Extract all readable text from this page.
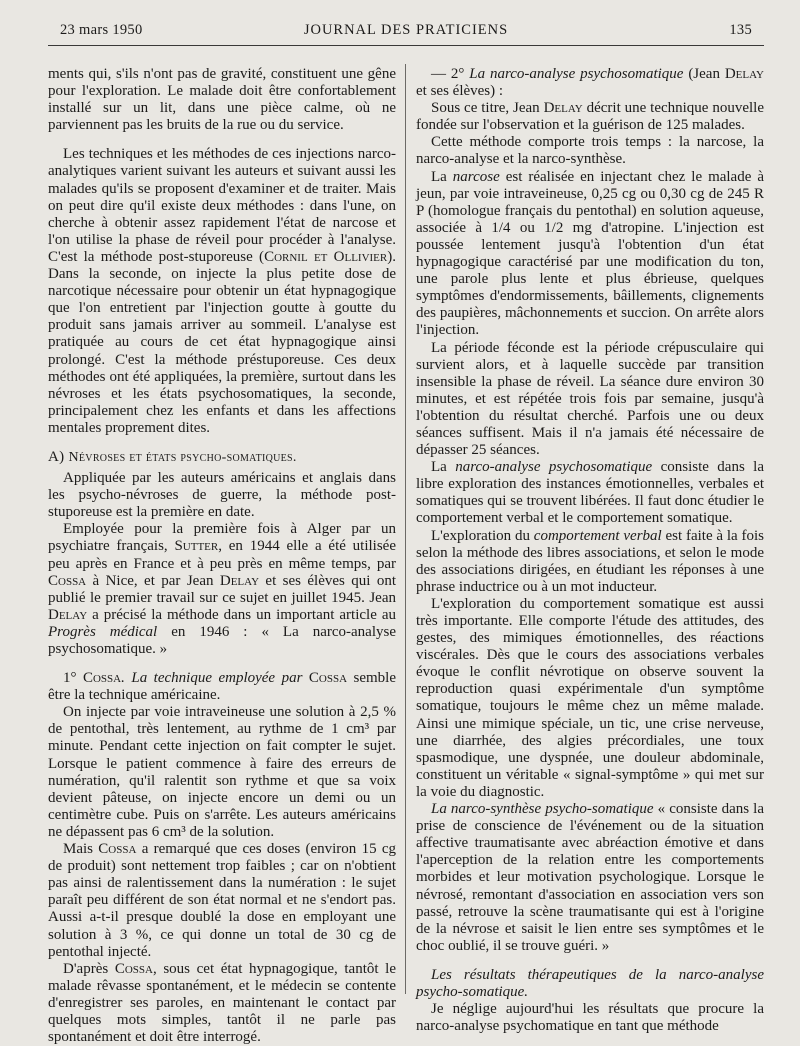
23 mars 1950	JOURNAL DES PRATICIENS	135

ments qui, s'ils n'ont pas de gravité, constituent une gêne pour l'exploration. Le malade doit être confortablement installé sur un lit, dans une pièce calme, où ne parviennent pas les bruits de la rue ou du service.

Les techniques et les méthodes de ces injections narco-analytiques varient suivant les auteurs et suivant aussi les malades qu'ils se proposent d'examiner et de traiter. Mais on peut dire qu'il existe deux méthodes : dans l'une, on cherche à obtenir assez rapidement l'état de narcose et l'on utilise la phase de réveil pour procéder à l'analyse. C'est la méthode post-stuporeuse (Cornil et Ollivier). Dans la seconde, on injecte la plus petite dose de narcotique nécessaire pour obtenir un état hypnagogique que l'on entretient par l'injection goutte à goutte du produit sans jamais arriver au sommeil. L'analyse est pratiquée au cours de cet état hypnagogique ainsi prolongé. C'est la méthode préstuporeuse. Ces deux méthodes ont été appliquées, la première, surtout dans les névroses et les états psychosomatiques, la seconde, principalement chez les enfants et dans les affections mentales proprement dites.

A) Névroses et états psycho-somatiques.

Appliquée par les auteurs américains et anglais dans les psycho-névroses de guerre, la méthode post-stuporeuse est la première en date.

Employée pour la première fois à Alger par un psychiatre français, Sutter, en 1944 elle a été utilisée peu après en France et à peu près en même temps, par Cossa à Nice, et par Jean Delay et ses élèves qui ont publié le premier travail sur ce sujet en juillet 1945. Jean Delay a précisé la méthode dans un important article au Progrès médical en 1946 : « La narco-analyse psychosomatique. »

1° Cossa. La technique employée par Cossa semble être la technique américaine.

On injecte par voie intraveineuse une solution à 2,5 % de pentothal, très lentement, au rythme de 1 cm³ par minute. Pendant cette injection on fait compter le sujet. Lorsque le patient commence à faire des erreurs de numération, qu'il ralentit son rythme et que sa voix devient pâteuse, on injecte encore un demi ou un centimètre cube. Puis on s'arrête. Les auteurs américains ne dépassent pas 6 cm³ de la solution.

Mais Cossa a remarqué que ces doses (environ 15 cg de produit) sont nettement trop faibles ; car on n'obtient pas ainsi de ralentissement dans la numération : le sujet paraît peu différent de son état normal et ne s'endort pas. Aussi a-t-il presque doublé la dose en employant une solution à 3 %, ce qui donne un total de 30 cg de pentothal injecté.

D'après Cossa, sous cet état hypnagogique, tantôt le malade rêvasse spontanément, et le médecin se contente d'enregistrer ses paroles, en maintenant le contact par quelques mots simples, tantôt il ne parle pas spontanément et doit être interrogé.

— 2° La narco-analyse psychosomatique (Jean Delay et ses élèves) :

Sous ce titre, Jean Delay décrit une technique nouvelle fondée sur l'observation et la guérison de 125 malades.

Cette méthode comporte trois temps : la narcose, la narco-analyse et la narco-synthèse.

La narcose est réalisée en injectant chez le malade à jeun, par voie intraveineuse, 0,25 cg ou 0,30 cg de 245 R P (homologue français du pentothal) en solution aqueuse, associée à 1/4 ou 1/2 mg d'atropine. L'injection est poussée lentement jusqu'à l'obtention d'un état hypnagogique caractérisé par une modification du ton, une parole plus lente et plus ébrieuse, quelques symptômes d'endormissements, bâillements, clignements des paupières, mâchonnements et succion. On arrête alors l'injection.

La période féconde est la période crépusculaire qui survient alors, et à laquelle succède par transition insensible la phase de réveil. La séance dure environ 30 minutes, et est répétée trois fois par semaine, jusqu'à l'obtention du résultat cherché. Parfois une ou deux séances suffisent. Mais il n'a jamais été nécessaire de dépasser 25 séances.

La narco-analyse psychosomatique consiste dans la libre exploration des instances émotionnelles, verbales et somatiques qui se trouvent libérées. Il faut donc étudier le comportement verbal et le comportement somatique.

L'exploration du comportement verbal est faite à la fois selon la méthode des libres associations, et selon le mode des associations dirigées, en étudiant les réponses à une phrase inductrice ou à un mot inducteur.

L'exploration du comportement somatique est aussi très importante. Elle comporte l'étude des attitudes, des gestes, des mimiques émotionnelles, des réactions viscérales. Dès que le cours des associations verbales évoque le conflit névrotique on observe souvent la reproduction quasi expérimentale d'un symptôme somatique, toujours le même chez un même malade. Ainsi une mimique spéciale, un tic, une crise nerveuse, une diarrhée, des algies précordiales, une toux spasmodique, une dyspnée, une douleur abdominale, constituent un véritable « signal-symptôme » qui met sur la voie du diagnostic.

La narco-synthèse psycho-somatique « consiste dans la prise de conscience de l'événement ou de la situation affective traumatisante avec abréaction émotive et dans l'aperception de la relation entre les comportements morbides et leur motivation psychologique. Lorsque le névrosé, remontant d'association en association vers son passé, retrouve la scène traumatisante qui est à l'origine de la névrose et saisit le lien entre ses symptômes et le choc oublié, il se trouve guéri. »

Les résultats thérapeutiques de la narco-analyse psycho-somatique.

Je néglige aujourd'hui les résultats que procure la narco-analyse psychomatique en tant que méthode
